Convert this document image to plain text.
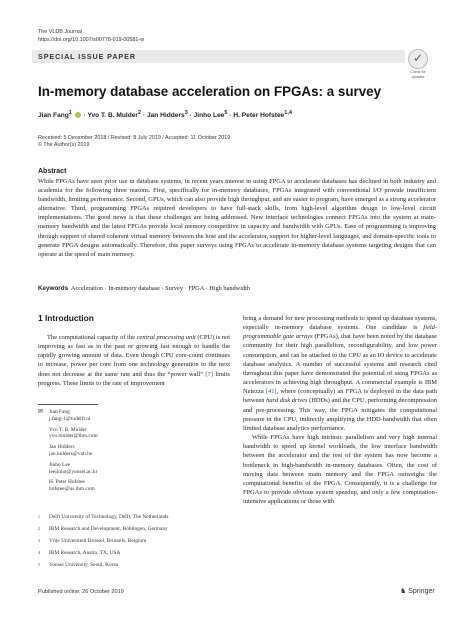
The VLDB Journal
https://doi.org/10.1007/s00778-019-00581-w
SPECIAL ISSUE PAPER	✓
Check for
updates
In-memory database acceleration on FPGAs: a survey
Jian Fang$^1$  · Yvo T. B. Mulder$^2$ · Jan Hidders$^3$ · Jinho Lee$^5$ · H. Peter Hofstee$^{1,4}$
Received: 5 December 2018 / Revised: 8 July 2019 / Accepted: 11 October 2019
© The Author(s) 2019
Abstract
While FPGAs have seen prior use in database systems, in recent years interest in using FPGA to accelerate databases has declined in both industry and academia for the following three reasons. First, specifically for in-memory databases, FPGAs integrated with conventional I/O provide insufficient bandwidth, limiting performance. Second, GPUs, which can also provide high throughput, and are easier to program, have emerged as a strong accelerator alternative. Third, programming FPGAs required developers to have full-stack skills, from high-level algorithm design to low-level circuit implementations. The good news is that these challenges are being addressed. New interface technologies connect FPGAs into the system at main-memory bandwidth and the latest FPGAs provide local memory competitive in capacity and bandwidth with GPUs. Ease of programming is improving through support of shared coherent virtual memory between the host and the accelerator, support for higher-level languages, and domain-specific tools to generate FPGA designs automatically. Therefore, this paper surveys using FPGAs to accelerate in-memory database systems targeting designs that can operate at the speed of main memory.
Keywords Acceleration · In-memory database · Survey · FPGA · High bandwidth
1 Introduction

The computational capacity of the central processing unit (CPU) is not improving as fast as in the past or growing fast enough to handle the rapidly growing amount of data. Even though CPU core-count continues to increase, power per core from one technology generation to the next does not decrease at the same rate and thus the “power wall” [7] limits progress. These limits to the rate of improvement

✉ Jian Fang
j.fang-1@tudelft.nl
Yvo T. B. Mulder
yvo.mulder@ibm.com
Jan Hidders
jan.hidders@vub.be
Jinho Lee
leejinho@yonsei.ac.kr
H. Peter Hofstee
hofstee@us.ibm.com
1	Delft University of Technology, Delft, The Netherlands
2	IBM Research and Development, Böblingen, Germany
3	Vrije Universiteit Brussel, Brussels, Belgium
4	IBM Research, Austin, TX, USA
5	Yonsei University, Seoul, Korea

bring a demand for new processing methods to speed up database systems, especially in-memory database systems. One candidate is field-programmable gate arrays (FPGAs), that have been noted by the database community for their high parallelism, reconfigurability, and low power consumption, and can be attached to the CPU as an IO device to accelerate database analytics. A number of successful systems and research cited throughout this paper have demonstrated the potential of using FPGAs as accelerators in achieving high throughput. A commercial example is IBM Netezza [41], where (conceptually) an FPGA is deployed in the data path between hard disk drives (HDDs) and the CPU, performing decompression and pre-processing. This way, the FPGA mitigates the computational pressure in the CPU, indirectly amplifying the HDD-bandwidth that often limited database analytics performance.

While FPGAs have high intrinsic parallelism and very high internal bandwidth to speed up kernel workloads, the low interface bandwidth between the accelerator and the rest of the system has now become a bottleneck in high-bandwidth in-memory databases. Often, the cost of moving data between main memory and the FPGA outweighs the computational benefits of the FPGA. Consequently, it is a challenge for FPGAs to provide obvious system speedup, and only a few computation-intensive applications or those with

Published online: 26 October 2019	♞ Springer
